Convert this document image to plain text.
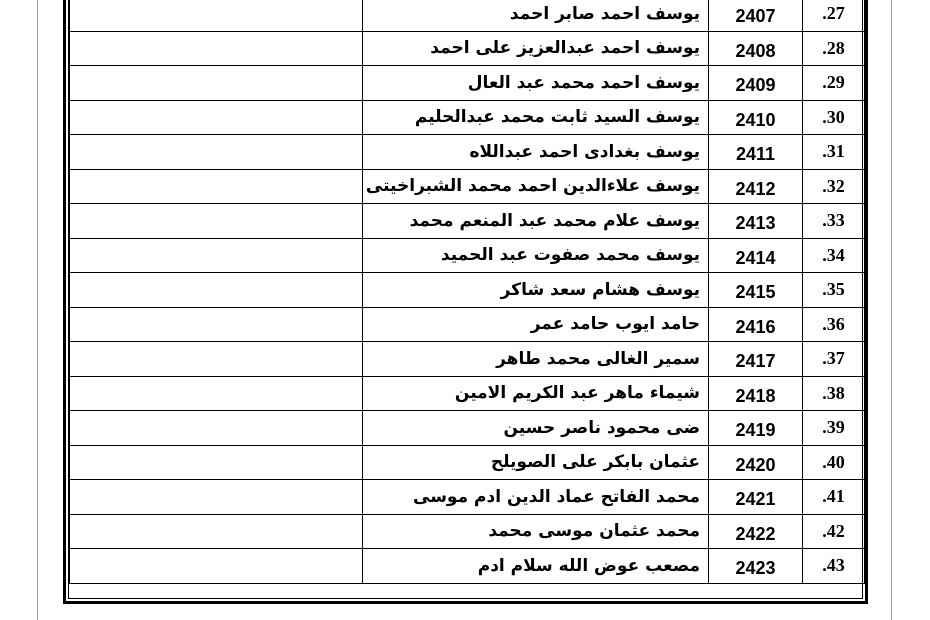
	يوسف احمد صابر احمد	2407	.27
	يوسف احمد عبدالعزيز على احمد	2408	.28
	يوسف احمد محمد عبد العال	2409	.29
	يوسف السيد ثابت محمد عبدالحليم	2410	.30
	يوسف بغدادى احمد عبداللاه	2411	.31
	يوسف علاءالدين احمد محمد الشبراخيتى	2412	.32
	يوسف علام محمد عبد المنعم محمد	2413	.33
	يوسف محمد صفوت عبد الحميد	2414	.34
	يوسف هشام سعد شاكر	2415	.35
	حامد ايوب حامد عمر	2416	.36
	سمير الغالى محمد طاهر	2417	.37
	شيماء ماهر عبد الكريم الامين	2418	.38
	ضى محمود ناصر حسين	2419	.39
	عثمان بابكر على الصويلح	2420	.40
	محمد الفاتح عماد الدين ادم موسى	2421	.41
	محمد عثمان موسى محمد	2422	.42
	مصعب عوض الله سلام ادم	2423	.43
